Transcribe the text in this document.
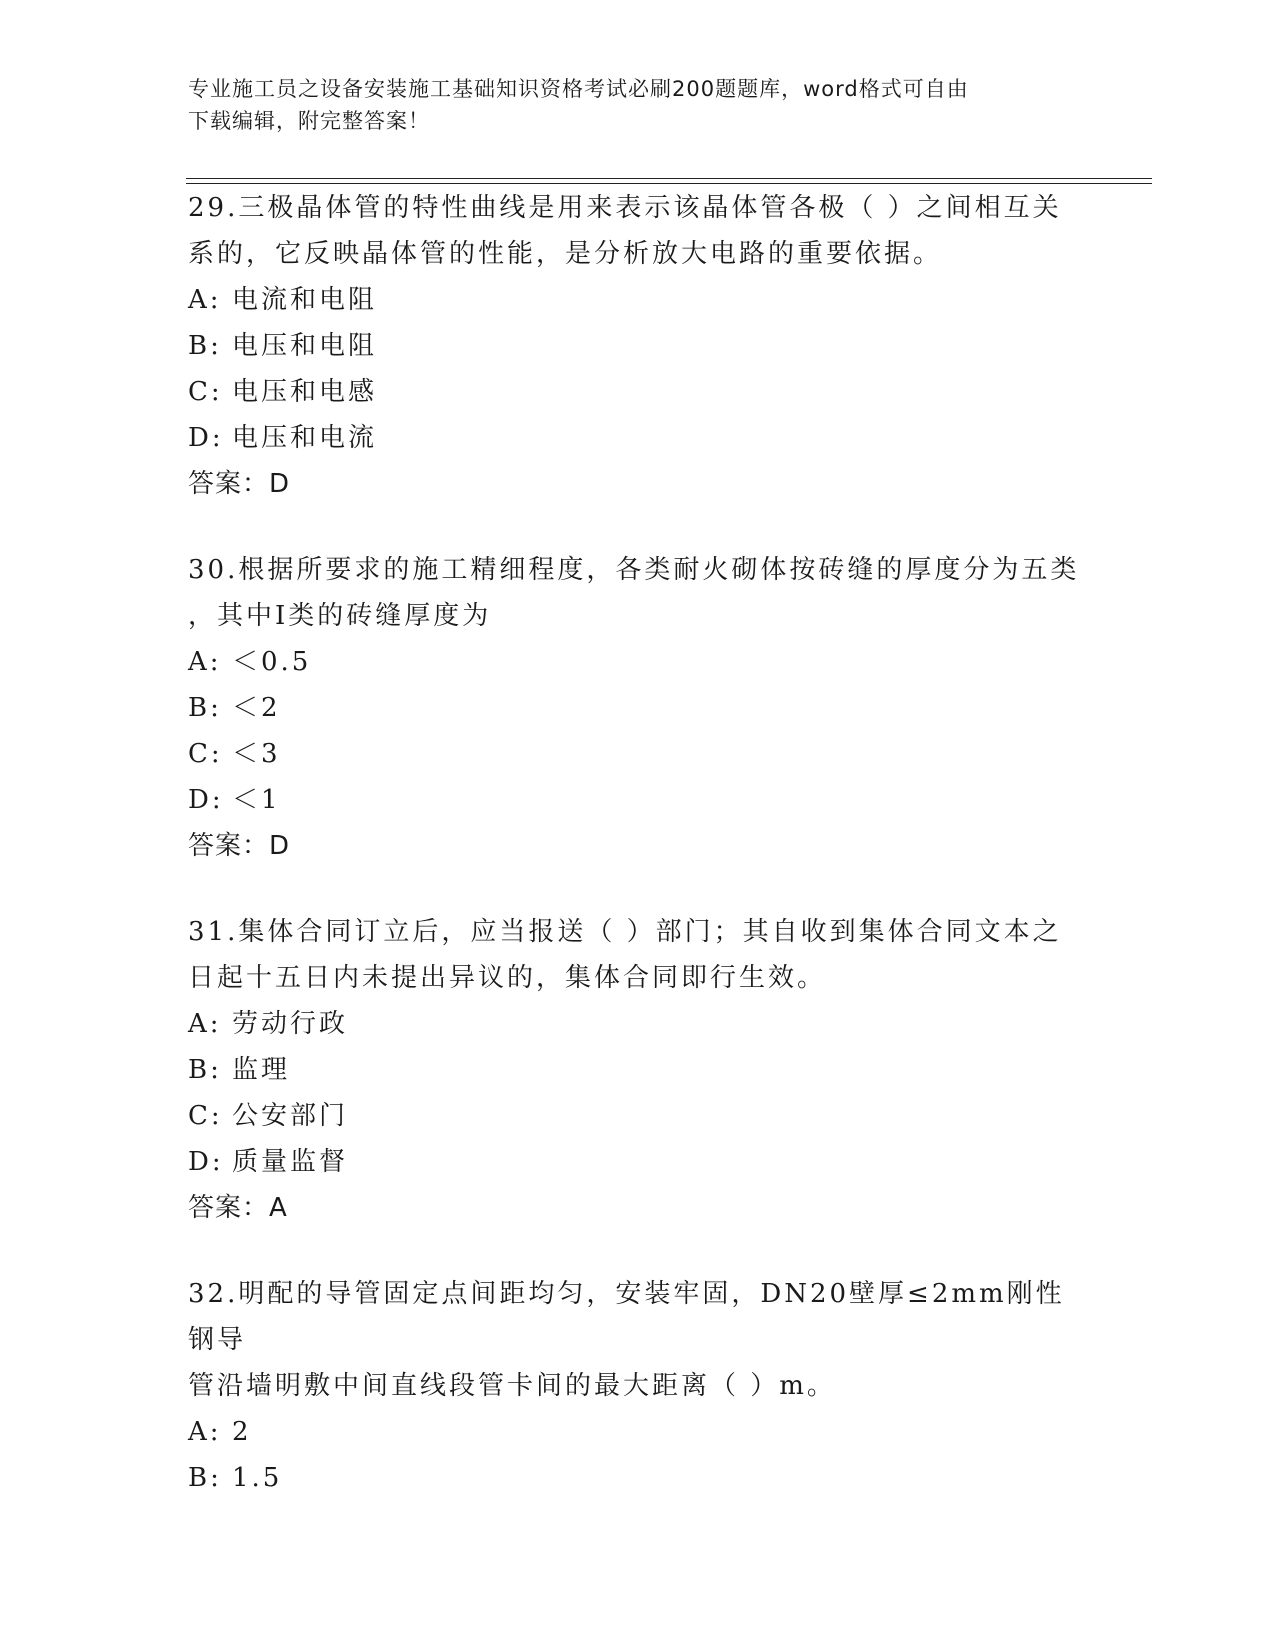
专业施工员之设备安装施工基础知识资格考试必刷200题题库，word格式可自由
下载编辑，附完整答案！
29.三极晶体管的特性曲线是用来表示该晶体管各极（ ）之间相互关
系的，它反映晶体管的性能，是分析放大电路的重要依据。
A: 电流和电阻
B: 电压和电阻
C: 电压和电感
D: 电压和电流
答案：D
30.根据所要求的施工精细程度，各类耐火砌体按砖缝的厚度分为五类
，其中Ⅰ类的砖缝厚度为
A: ＜0.5
B: ＜2
C: ＜3
D: ＜1
答案：D
31.集体合同订立后，应当报送（ ）部门；其自收到集体合同文本之
日起十五日内未提出异议的，集体合同即行生效。
A: 劳动行政
B: 监理
C: 公安部门
D: 质量监督
答案：A
32.明配的导管固定点间距均匀，安装牢固，DN20壁厚≤2mm刚性钢导
管沿墙明敷中间直线段管卡间的最大距离（ ）m。
A: 2
B: 1.5
